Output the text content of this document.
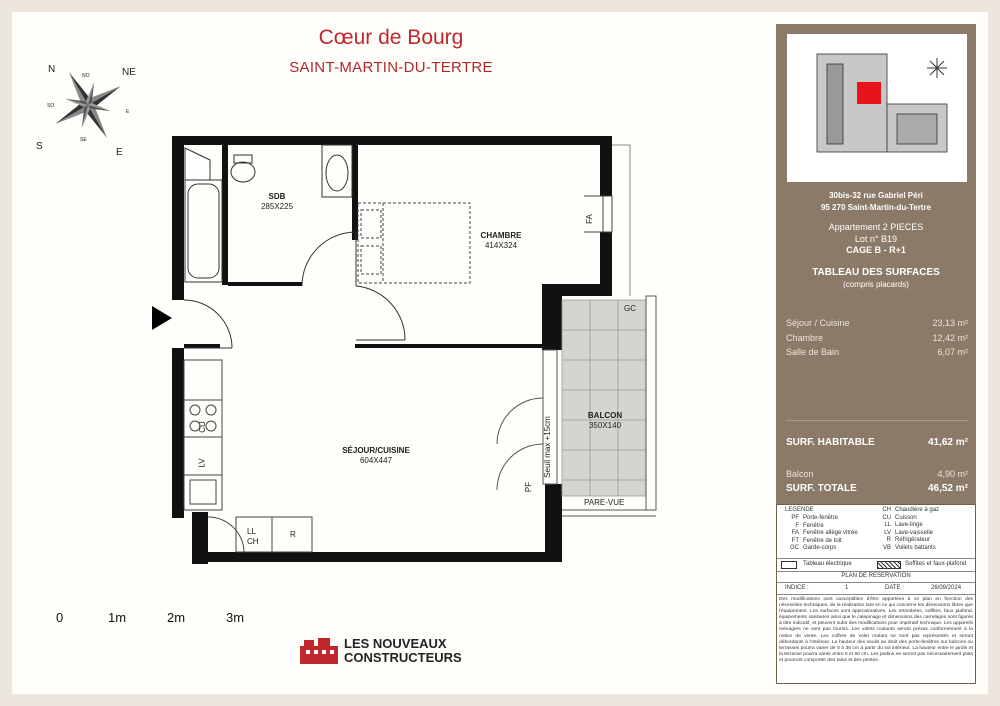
Cœur de Bourg
SAINT-MARTIN-DU-TERTRE
N
NO	NE
E
E
SE
S
SO
SDB
285X225
CHAMBRE
414X324
SÉJOUR/CUISINE
604X447
BALCON
350X140
FA
GC
PF
Seuil max +15cm
PARE-VUE
CU
LV
LL
CH
R
0	1m	2m	3m
LES NOUVEAUX
CONSTRUCTEURS
30bis-32 rue Gabriel Péri
95 270 Saint-Martin-du-Tertre
Appartement 2 PIECES
Lot n° B19
CAGE B - R+1
TABLEAU DES SURFACES
(compris placards)
Séjour / Cuisine	23,13 m²
Chambre	12,42 m²
Salle de Bain	6,07 m²
SURF. HABITABLE	41,62 m²
Balcon	4,90 m²
SURF. TOTALE	46,52 m²
LEGENDE
PF Porte-fenêtre
F Fenêtre
FA Fenêtre allège vitrée
FT Fenêtre de toit
GC Garde-corps
CH Chaudière à gaz
CU Cuisson
LL Lave-linge
LV Lave-vaisselle
R Réfrigérateur
VB Voilets battants
Tableau électrique	Soffites et faux-plafond
PLAN DE RESERVATION
INDICE :	1	DATE :	26/09/2024
Des modifications sont susceptibles d'être apportées à ce plan en fonction des nécessités techniques, de la réalisation tant en ce qui concerne les dimensions libres que l'équipement. Les surfaces sont approximatives. Les retombées, soffites, faux plafond, équipements sanitaires ainsi que le calepinage et dimensions des carrelages sont figurés à titre indicatif, et peuvent subir des modifications pour impératif technique. Les appareils ménagers ne sont pas fournis. Les volets roulants seront prévus conformément à la notice de vente. Les coffres de volet roulant ne sont pas représentés et seront débordants à l'intérieur. La hauteur des seuils au droit des porte-fenêtres sur balcons ou terrasses pourra varier de 0 à 35 cm à partir du sol intérieur. La hauteur entre le jardin et la terrasse pourra varier entre 0 et 60 cm. Les jardins ne seront pas nécessairement plats et pourront comporter des talus et des pentes.
